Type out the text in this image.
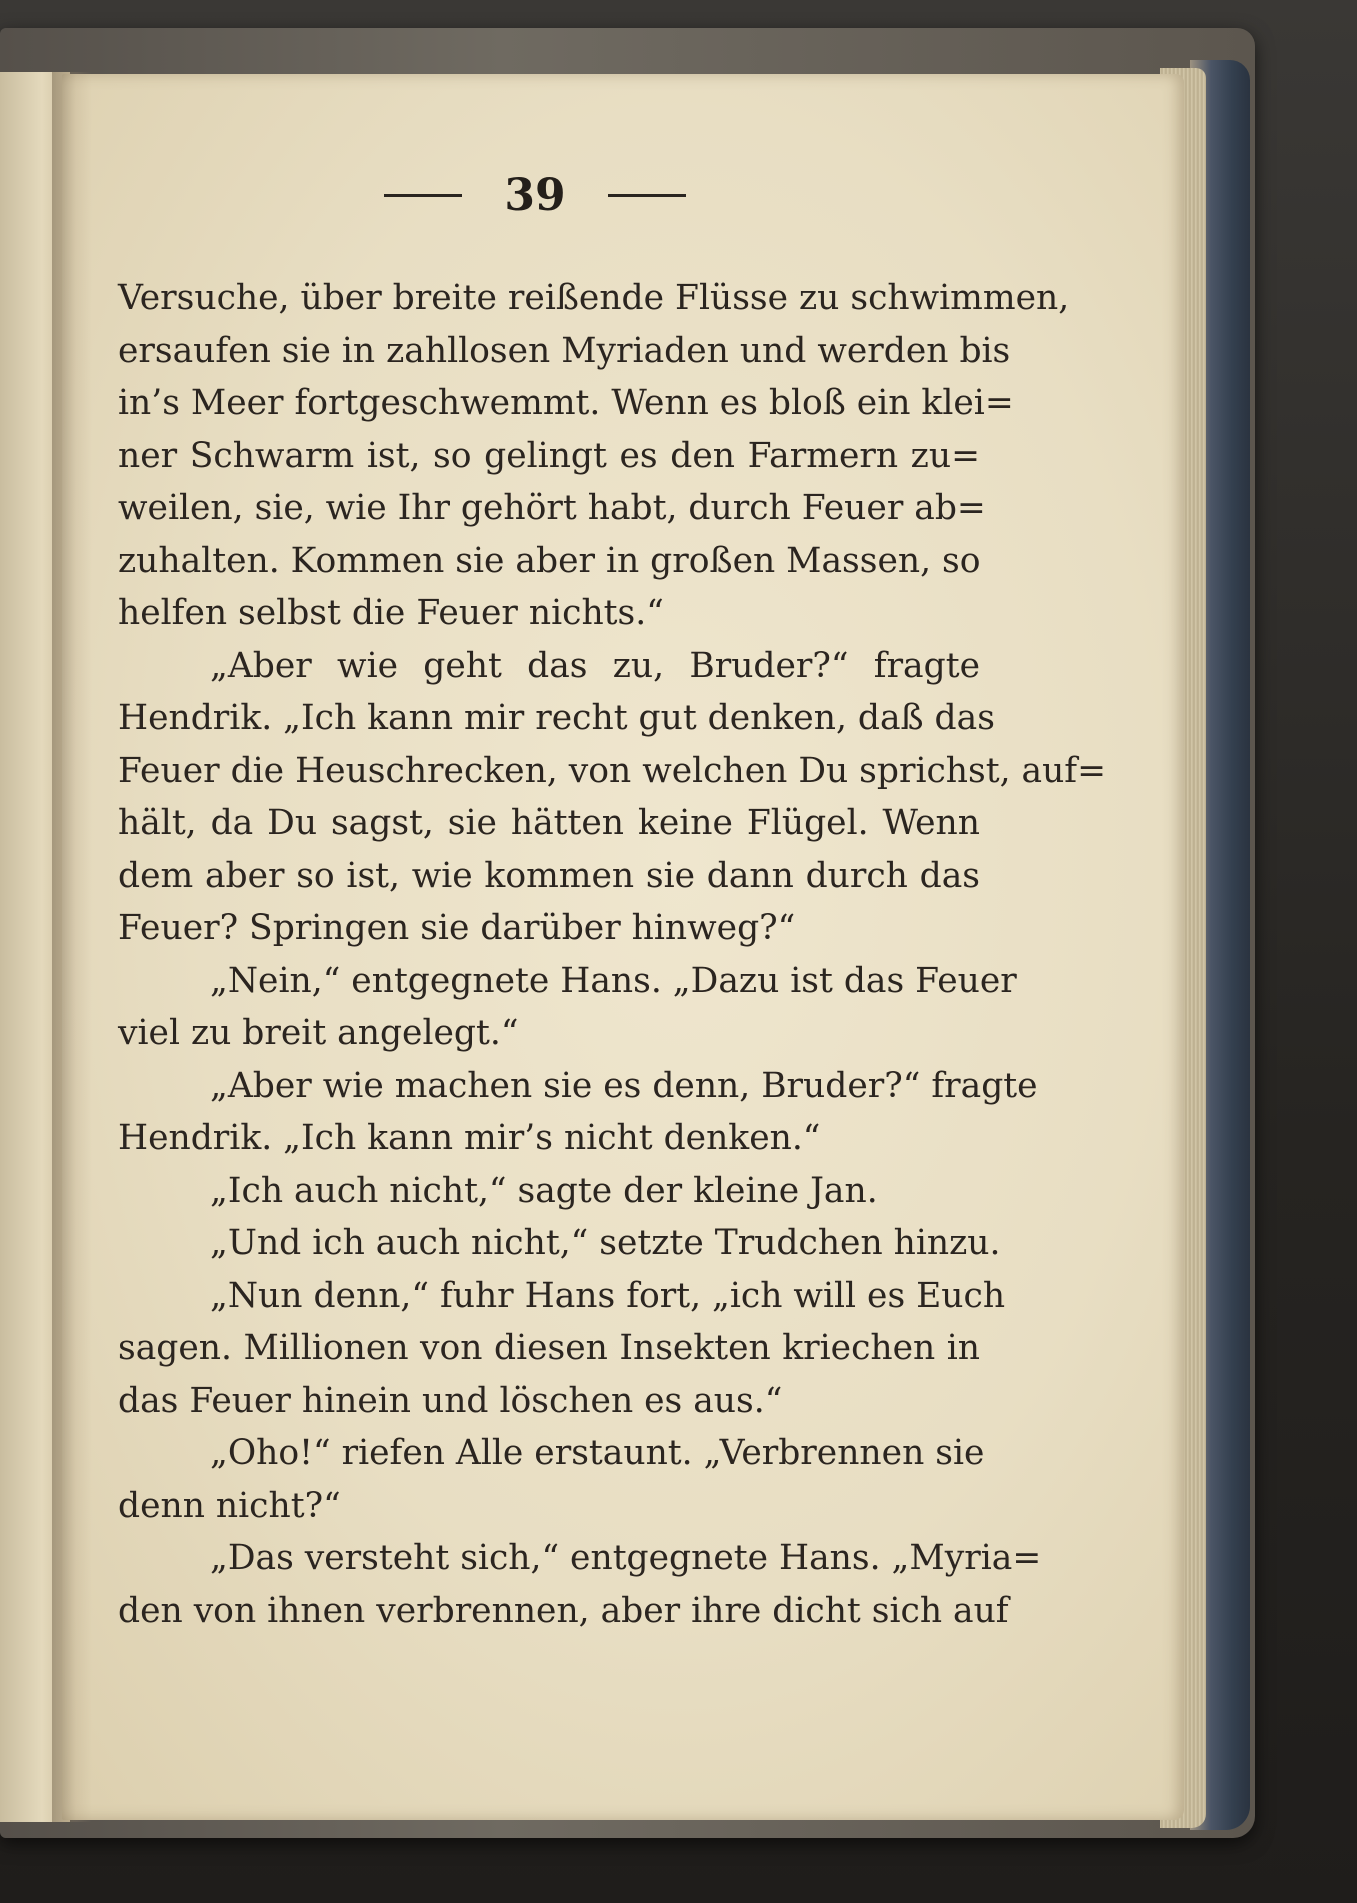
39
Versuche, über breite reißende Flüsse zu schwimmen,
ersaufen sie in zahllosen Myriaden und werden bis
in’s Meer fortgeschwemmt. Wenn es bloß ein klei=
ner Schwarm ist, so gelingt es den Farmern zu=
weilen, sie, wie Ihr gehört habt, durch Feuer ab=
zuhalten. Kommen sie aber in großen Massen, so
helfen selbst die Feuer nichts.“
„Aber wie geht das zu, Bruder?“ fragte
Hendrik. „Ich kann mir recht gut denken, daß das
Feuer die Heuschrecken, von welchen Du sprichst, auf=
hält, da Du sagst, sie hätten keine Flügel. Wenn
dem aber so ist, wie kommen sie dann durch das
Feuer? Springen sie darüber hinweg?“
„Nein,“ entgegnete Hans. „Dazu ist das Feuer
viel zu breit angelegt.“
„Aber wie machen sie es denn, Bruder?“ fragte
Hendrik. „Ich kann mir’s nicht denken.“
„Ich auch nicht,“ sagte der kleine Jan.
„Und ich auch nicht,“ setzte Trudchen hinzu.
„Nun denn,“ fuhr Hans fort, „ich will es Euch
sagen. Millionen von diesen Insekten kriechen in
das Feuer hinein und löschen es aus.“
„Oho!“ riefen Alle erstaunt. „Verbrennen sie
denn nicht?“
„Das versteht sich,“ entgegnete Hans. „Myria=
den von ihnen verbrennen, aber ihre dicht sich auf
